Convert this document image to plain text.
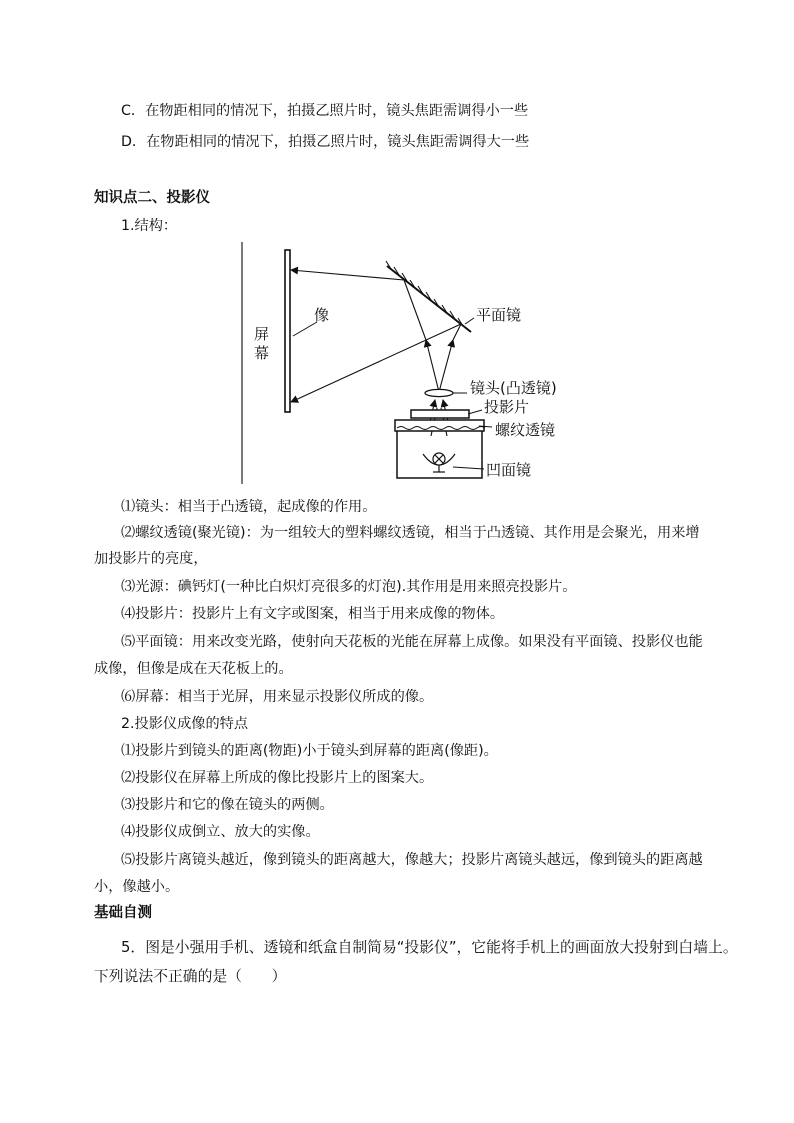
C．在物距相同的情况下，拍摄乙照片时，镜头焦距需调得小一些
D．在物距相同的情况下，拍摄乙照片时，镜头焦距需调得大一些
知识点二、投影仪
1.结构：
屏
幕
像	平面镜
镜头(凸透镜)
投影片
螺纹透镜
凹面镜
⑴镜头：相当于凸透镜，起成像的作用。
⑵螺纹透镜(聚光镜)：为一组较大的塑料螺纹透镜，相当于凸透镜、其作用是会聚光，用来增
加投影片的亮度，
⑶光源：碘钙灯(一种比白炽灯亮很多的灯泡).其作用是用来照亮投影片。
⑷投影片：投影片上有文字或图案，相当于用来成像的物体。
⑸平面镜：用来改变光路，使射向天花板的光能在屏幕上成像。如果没有平面镜、投影仪也能
成像，但像是成在天花板上的。
⑹屏幕：相当于光屏，用来显示投影仪所成的像。
2.投影仪成像的特点
⑴投影片到镜头的距离(物距)小于镜头到屏幕的距离(像距)。
⑵投影仪在屏幕上所成的像比投影片上的图案大。
⑶投影片和它的像在镜头的两侧。
⑷投影仪成倒立、放大的实像。
⑸投影片离镜头越近，像到镜头的距离越大，像越大；投影片离镜头越远，像到镜头的距离越
小，像越小。
基础自测
5．图是小强用手机、透镜和纸盒自制简易“投影仪”，它能将手机上的画面放大投射到白墙上。
下列说法不正确的是（　　）
